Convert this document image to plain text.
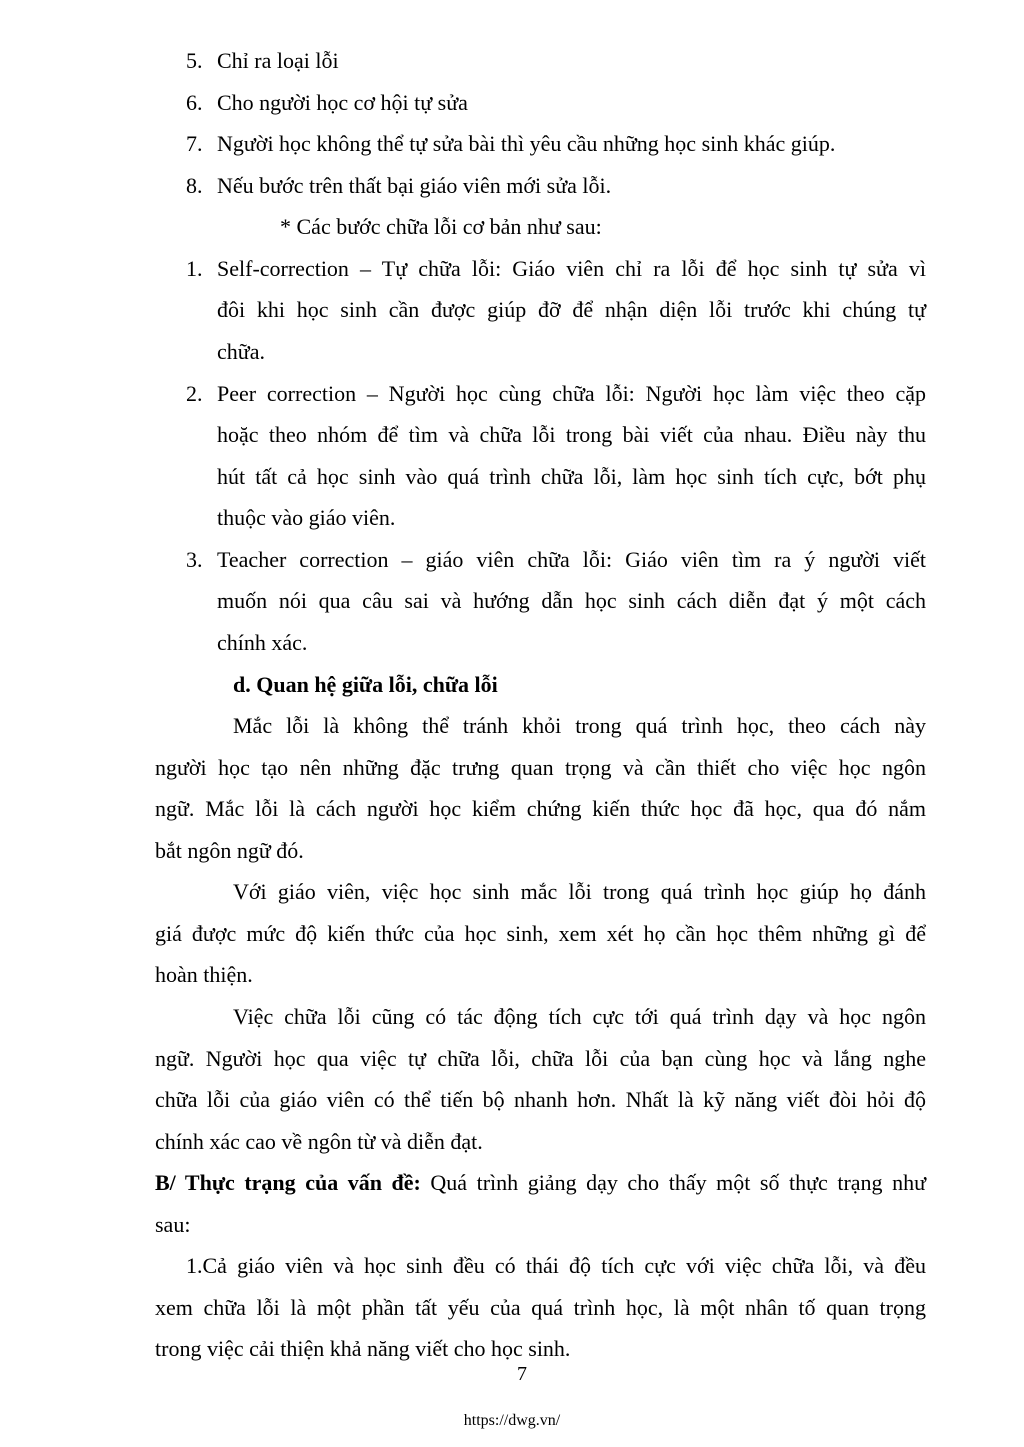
5. Chỉ ra loại lỗi
6. Cho người học cơ hội tự sửa
7. Người học không thể tự sửa bài thì yêu cầu những học sinh khác giúp.
8. Nếu bước trên thất bại giáo viên mới sửa lỗi.
* Các bước chữa lỗi cơ bản như sau:
1. Self-correction – Tự chữa lỗi: Giáo viên chỉ ra lỗi để học sinh tự sửa vì
đôi khi học sinh cần được giúp đỡ để nhận diện lỗi trước khi chúng tự
chữa.
2. Peer correction – Người học cùng chữa lỗi: Người học làm việc theo cặp
hoặc theo nhóm để tìm và chữa lỗi trong bài viết của nhau. Điều này thu
hút tất cả học sinh vào quá trình chữa lỗi, làm học sinh tích cực, bớt phụ
thuộc vào giáo viên.
3. Teacher correction – giáo viên chữa lỗi: Giáo viên tìm ra ý người viết
muốn nói qua câu sai và hướng dẫn học sinh cách diễn đạt ý một cách
chính xác.
d. Quan hệ giữa lỗi, chữa lỗi
Mắc lỗi là không thể tránh khỏi trong quá trình học, theo cách này
người học tạo nên những đặc trưng quan trọng và cần thiết cho việc học ngôn
ngữ. Mắc lỗi là cách người học kiểm chứng kiến thức học đã học, qua đó nắm
bắt ngôn ngữ đó.
Với giáo viên, việc học sinh mắc lỗi trong quá trình học giúp họ đánh
giá được mức độ kiến thức của học sinh, xem xét họ cần học thêm những gì để
hoàn thiện.
Việc chữa lỗi cũng có tác động tích cực tới quá trình dạy và học ngôn
ngữ. Người học qua việc tự chữa lỗi, chữa lỗi của bạn cùng học và lắng nghe
chữa lỗi của giáo viên có thể tiến bộ nhanh hơn. Nhất là kỹ năng viết đòi hỏi độ
chính xác cao về ngôn từ và diễn đạt.
B/ Thực trạng của vấn đề: Quá trình giảng dạy cho thấy một số thực trạng như
sau:
1.Cả giáo viên và học sinh đều có thái độ tích cực với việc chữa lỗi, và đều
xem chữa lỗi là một phần tất yếu của quá trình học, là một nhân tố quan trọng
trong việc cải thiện khả năng viết cho học sinh.
7
https://dwg.vn/
